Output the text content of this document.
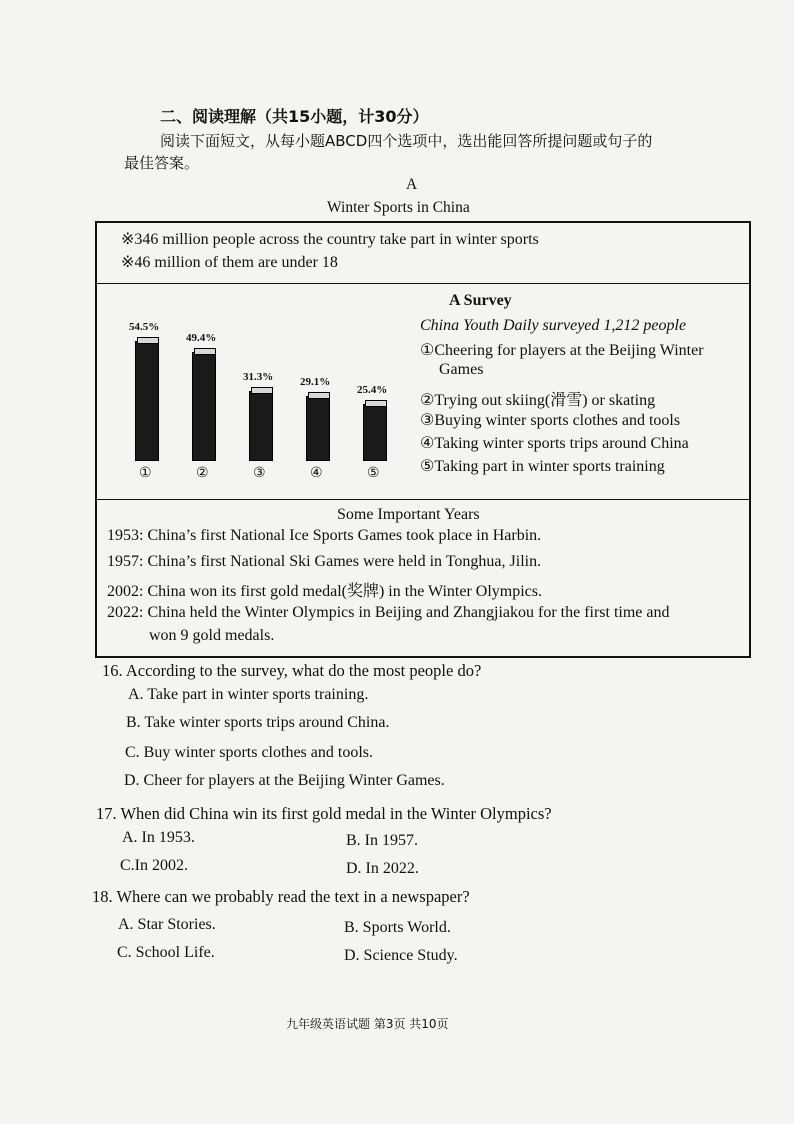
二、阅读理解（共15小题，计30分）
阅读下面短文，从每小题ABCD四个选项中，选出能回答所提问题或句子的
最佳答案。
A
Winter Sports in China
※346 million people across the country take part in winter sports
※46 million of them are under 18
A Survey
China Youth Daily surveyed 1,212 people
①Cheering for players at the Beijing Winter
Games
②Trying out skiing(滑雪) or skating
③Buying winter sports clothes and tools
④Taking winter sports trips around China
⑤Taking part in winter sports training
54.5%
①
49.4%
②
31.3%
③
29.1%
④
25.4%
⑤
Some Important Years
1953: China’s first National Ice Sports Games took place in Harbin.
1957: China’s first National Ski Games were held in Tonghua, Jilin.
2002: China won its first gold medal(奖牌) in the Winter Olympics.
2022: China held the Winter Olympics in Beijing and Zhangjiakou for the first time and
won 9 gold medals.
16. According to the survey, what do the most people do?
A. Take part in winter sports training.
B. Take winter sports trips around China.
C. Buy winter sports clothes and tools.
D. Cheer for players at the Beijing Winter Games.
17. When did China win its first gold medal in the Winter Olympics?
A. In 1953.	B. In 1957.
C.In 2002.	D. In 2022.
18. Where can we probably read the text in a newspaper?
A. Star Stories.	B. Sports World.
C. School Life.	D. Science Study.
九年级英语试题 第3页 共10页
